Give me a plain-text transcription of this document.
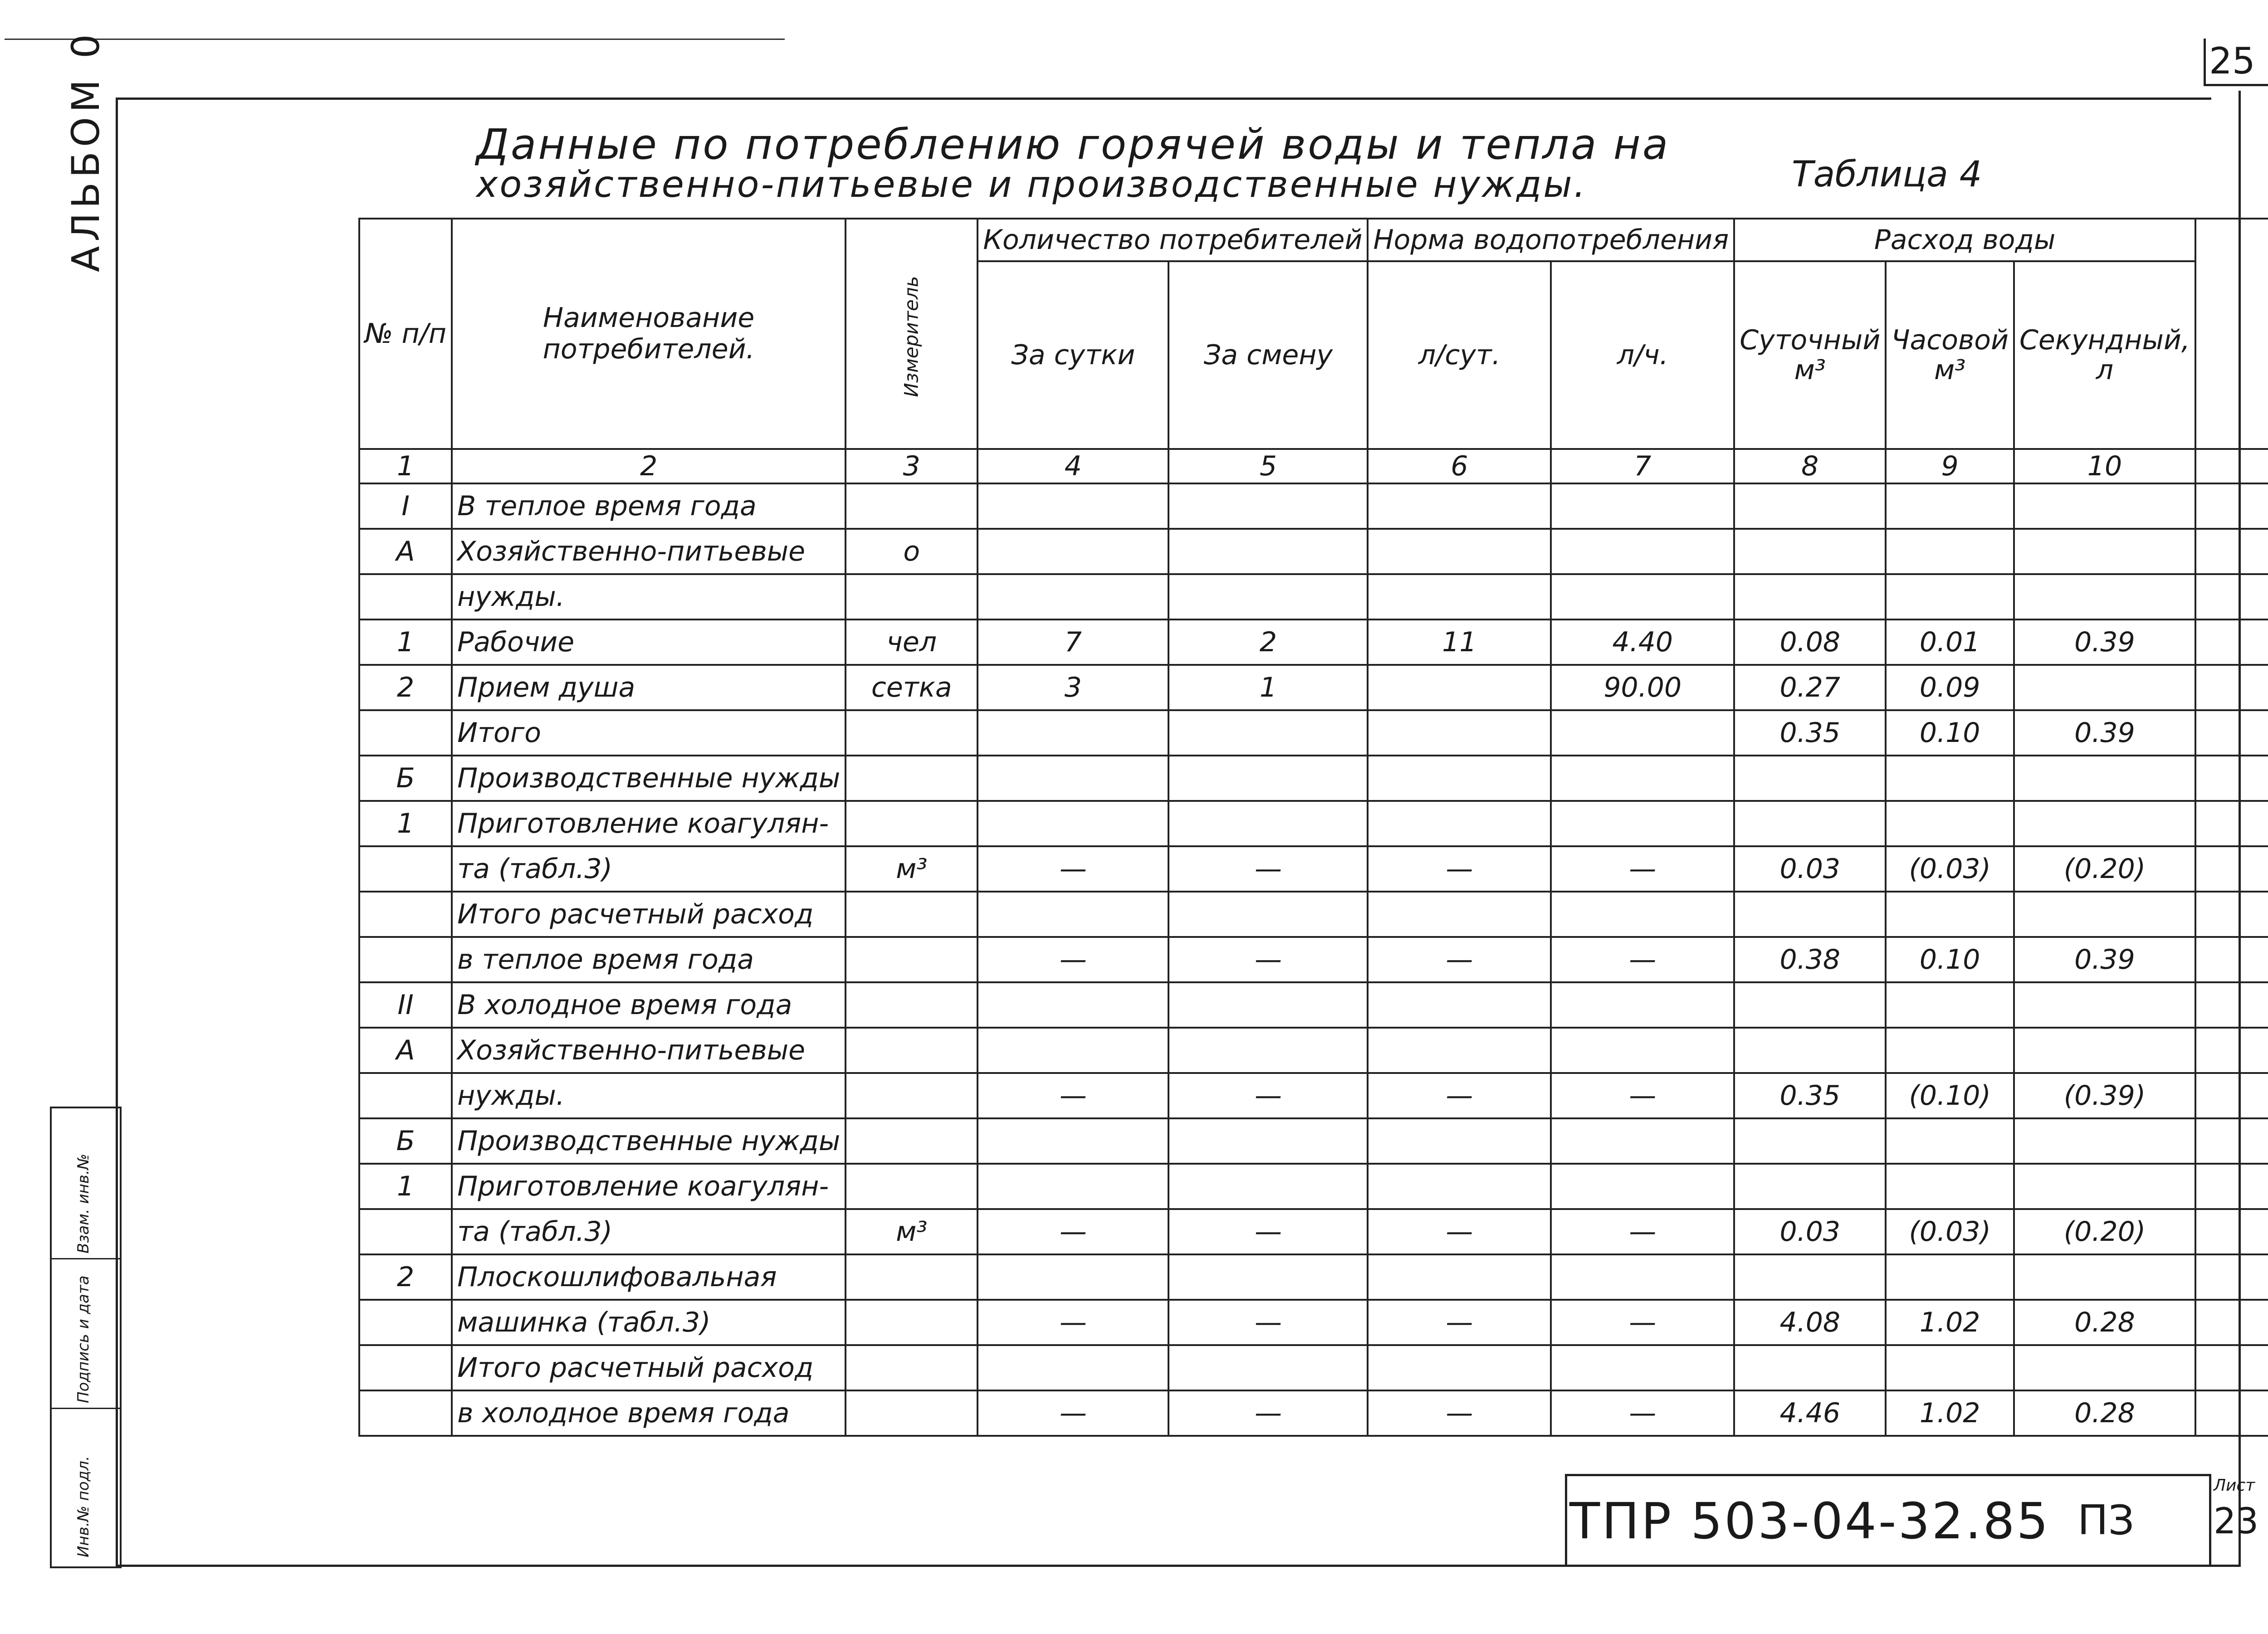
25
АЛЬБОМ 0
Взам. инв.№
Подпись и дата
Инв.№ подл.
Данные по потреблению горячей воды и тепла на
хозяйственно-питьевые и производственные нужды.	Таблица 4
№ п/п	Наименование потребителей.	Измеритель	Количество потребителей		Норма водопотребления		Расход воды		
			За сутки	За смену	л/сут.	л/ч.	Суточный м³	Часовой м³	Секундный, л		
1	2	3	4	5	6	7	8	9	10		
I	В теплое время года										
А	Хозяйственно-питьевые	о									
	нужды.										
1	Рабочие	чел	7	2	11	4.40	0.08	0.01	0.39		
2	Прием душа	сетка	3	1		90.00	0.27	0.09			
	Итого						0.35	0.10	0.39		
Б	Производственные нужды										
1	Приготовление коагулян-										
	та (табл.3)	м³	—	—	—	—	0.03	(0.03)	(0.20)		
	Итого расчетный расход										
	в теплое время года		—	—	—	—	0.38	0.10	0.39		
II	В холодное время года										
А	Хозяйственно-питьевые										
	нужды.		—	—	—	—	0.35	(0.10)	(0.39)		
Б	Производственные нужды										
1	Приготовление коагулян-										
	та (табл.3)	м³	—	—	—	—	0.03	(0.03)	(0.20)		
2	Плоскошлифовальная										
	машинка (табл.3)		—	—	—	—	4.08	1.02	0.28		
	Итого расчетный расход										
	в холодное время года		—	—	—	—	4.46	1.02	0.28		
ТПР 503-04-32.85 ПЗ
Лист
23
